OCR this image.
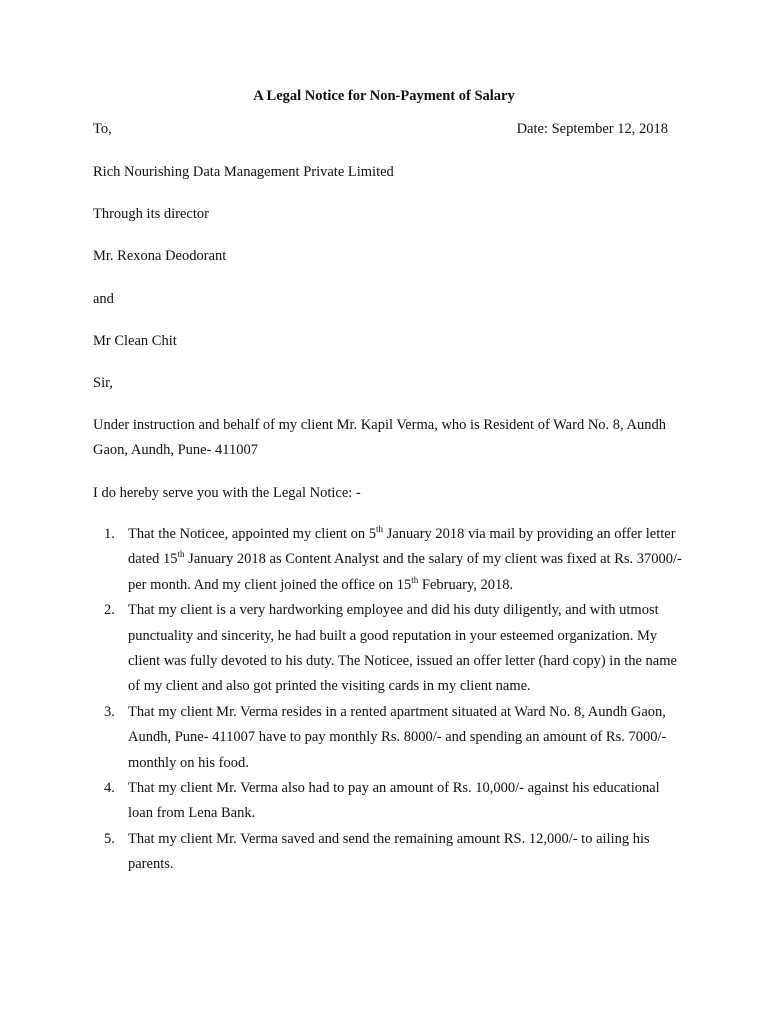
A Legal Notice for Non-Payment of Salary
To,	Date: September 12, 2018
Rich Nourishing Data Management Private Limited
Through its director
Mr. Rexona Deodorant
and
Mr Clean Chit
Sir,
Under instruction and behalf of my client Mr. Kapil Verma, who is Resident of Ward No. 8, Aundh Gaon, Aundh, Pune- 411007
I do hereby serve you with the Legal Notice: -
1. That the Noticee, appointed my client on 5th January 2018 via mail by providing an offer letter dated 15th January 2018 as Content Analyst and the salary of my client was fixed at Rs. 37000/- per month. And my client joined the office on 15th February, 2018.
2. That my client is a very hardworking employee and did his duty diligently, and with utmost punctuality and sincerity, he had built a good reputation in your esteemed organization. My client was fully devoted to his duty. The Noticee, issued an offer letter (hard copy) in the name of my client and also got printed the visiting cards in my client name.
3. That my client Mr. Verma resides in a rented apartment situated at Ward No. 8, Aundh Gaon, Aundh, Pune- 411007 have to pay monthly Rs. 8000/- and spending an amount of Rs. 7000/- monthly on his food.
4. That my client Mr. Verma also had to pay an amount of Rs. 10,000/- against his educational loan from Lena Bank.
5. That my client Mr. Verma saved and send the remaining amount RS. 12,000/- to ailing his parents.
